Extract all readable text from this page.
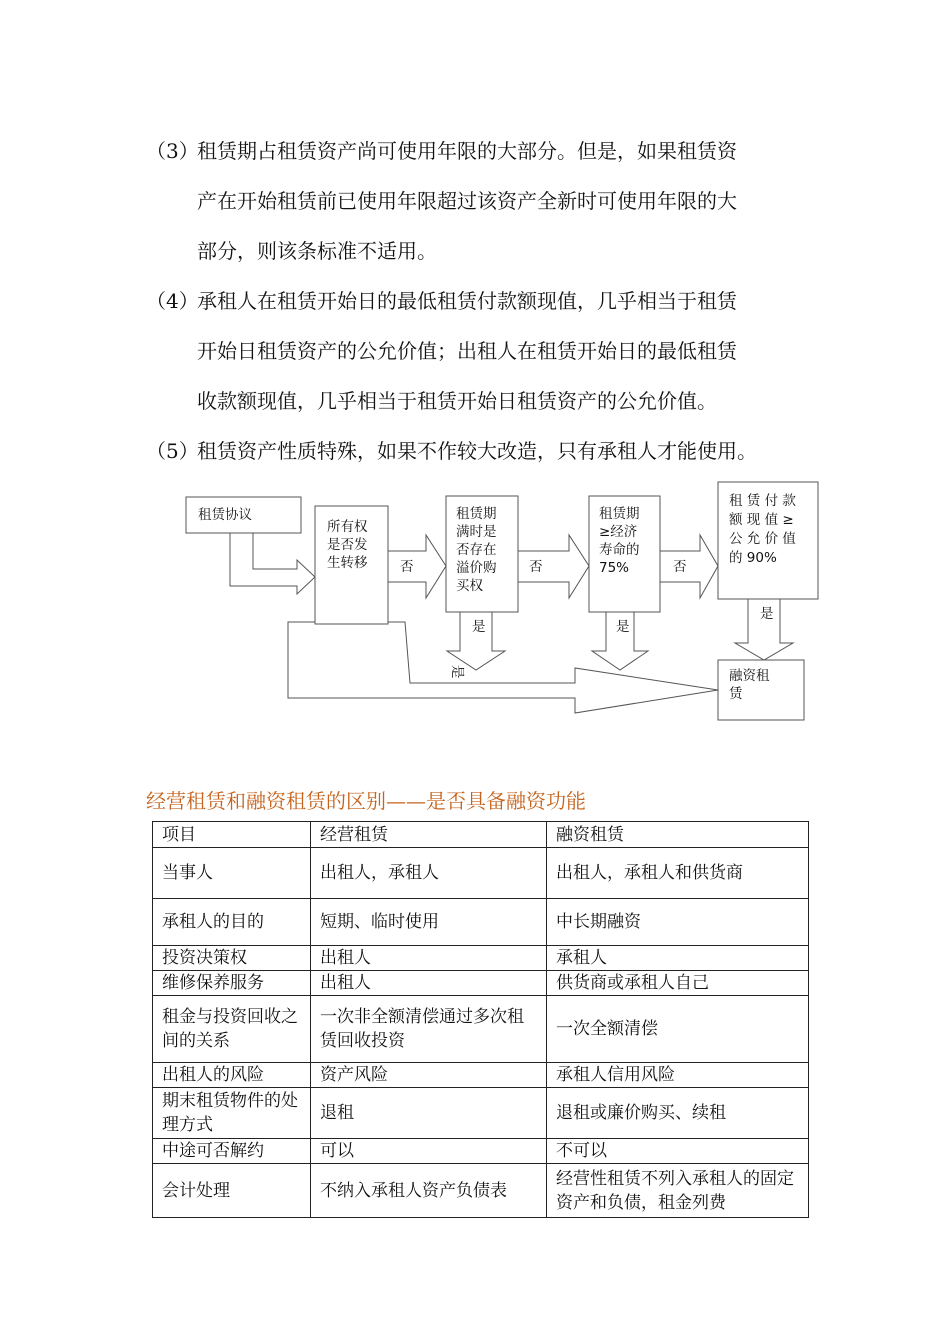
（3）租赁期占租赁资产尚可使用年限的大部分。但是，如果租赁资
产在开始租赁前已使用年限超过该资产全新时可使用年限的大
部分，则该条标准不适用。
（4）承租人在租赁开始日的最低租赁付款额现值，几乎相当于租赁
开始日租赁资产的公允价值；出租人在租赁开始日的最低租赁
收款额现值，几乎相当于租赁开始日租赁资产的公允价值。
（5）租赁资产性质特殊，如果不作较大改造，只有承租人才能使用。
租赁协议
所有权
是否发
生转移
租赁期
满时是
否存在
溢价购
买权
租赁期
≥经济
寿命的
75%
租 赁 付 款
额 现 值 ≥
公 允 价 值
的 90%
融资租
赁
否	否	否
是	是
是
是
经营租赁和融资租赁的区别——是否具备融资功能
项目	经营租赁	融资租赁
当事人	出租人，承租人	出租人，承租人和供货商
承租人的目的	短期、临时使用	中长期融资
投资决策权	出租人	承租人
维修保养服务	出租人	供货商或承租人自己
租金与投资回收之间的关系	一次非全额清偿通过多次租赁回收投资	一次全额清偿
出租人的风险	资产风险	承租人信用风险
期末租赁物件的处理方式	退租	退租或廉价购买、续租
中途可否解约	可以	不可以
会计处理	不纳入承租人资产负债表	经营性租赁不列入承租人的固定资产和负债，租金列费
